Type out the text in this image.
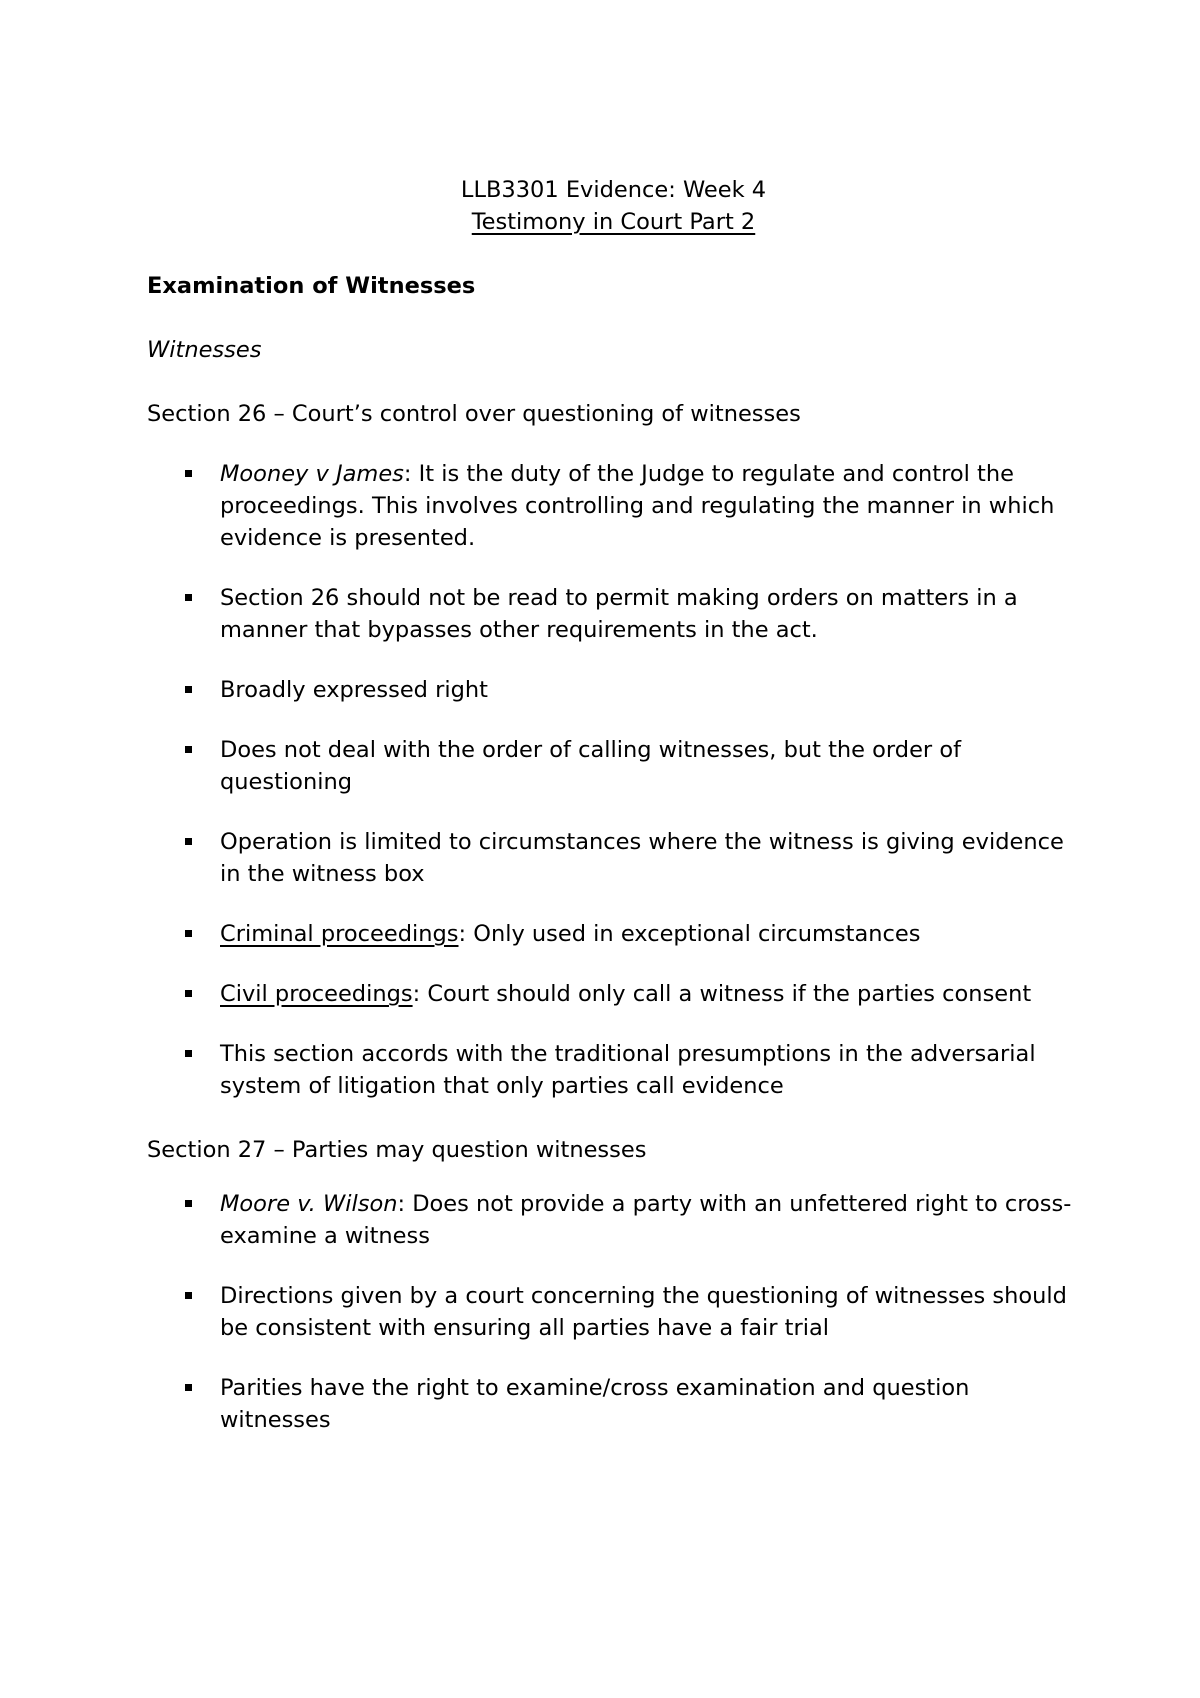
LLB3301 Evidence: Week 4

Testimony in Court Part 2

Examination of Witnesses

Witnesses

Section 26 – Court’s control over questioning of witnesses

Mooney v James: It is the duty of the Judge to regulate and control the proceedings. This involves controlling and regulating the manner in which evidence is presented.
Section 26 should not be read to permit making orders on matters in a manner that bypasses other requirements in the act.
Broadly expressed right
Does not deal with the order of calling witnesses, but the order of questioning
Operation is limited to circumstances where the witness is giving evidence in the witness box
Criminal proceedings: Only used in exceptional circumstances
Civil proceedings: Court should only call a witness if the parties consent
This section accords with the traditional presumptions in the adversarial system of litigation that only parties call evidence

Section 27 – Parties may question witnesses

Moore v. Wilson: Does not provide a party with an unfettered right to cross- examine a witness
Directions given by a court concerning the questioning of witnesses should be consistent with ensuring all parties have a fair trial
Parities have the right to examine/cross examination and question witnesses
